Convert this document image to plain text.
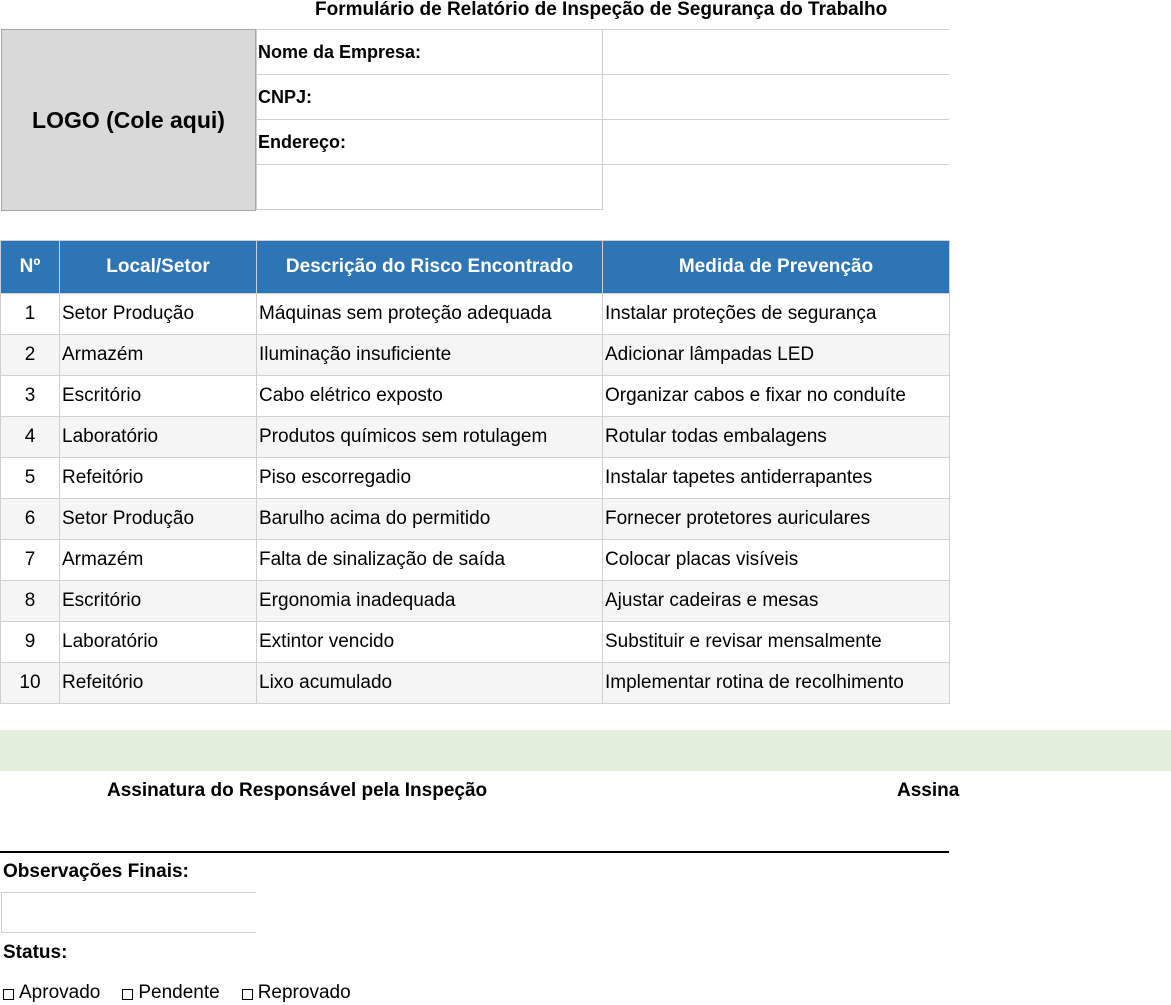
Formulário de Relatório de Inspeção de Segurança do Trabalho
LOGO (Cole aqui)
Nome da Empresa:
CNPJ:
Endereço:
Nº	Local/Setor	Descrição do Risco Encontrado	Medida de Prevenção
1	Setor Produção	Máquinas sem proteção adequada	Instalar proteções de segurança
2	Armazém	Iluminação insuficiente	Adicionar lâmpadas LED
3	Escritório	Cabo elétrico exposto	Organizar cabos e fixar no conduíte
4	Laboratório	Produtos químicos sem rotulagem	Rotular todas embalagens
5	Refeitório	Piso escorregadio	Instalar tapetes antiderrapantes
6	Setor Produção	Barulho acima do permitido	Fornecer protetores auriculares
7	Armazém	Falta de sinalização de saída	Colocar placas visíveis
8	Escritório	Ergonomia inadequada	Ajustar cadeiras e mesas
9	Laboratório	Extintor vencido	Substituir e revisar mensalmente
10	Refeitório	Lixo acumulado	Implementar rotina de recolhimento
Assinatura do Responsável pela Inspeção	Assina
Observações Finais:
Status:
Aprovado Pendente Reprovado
